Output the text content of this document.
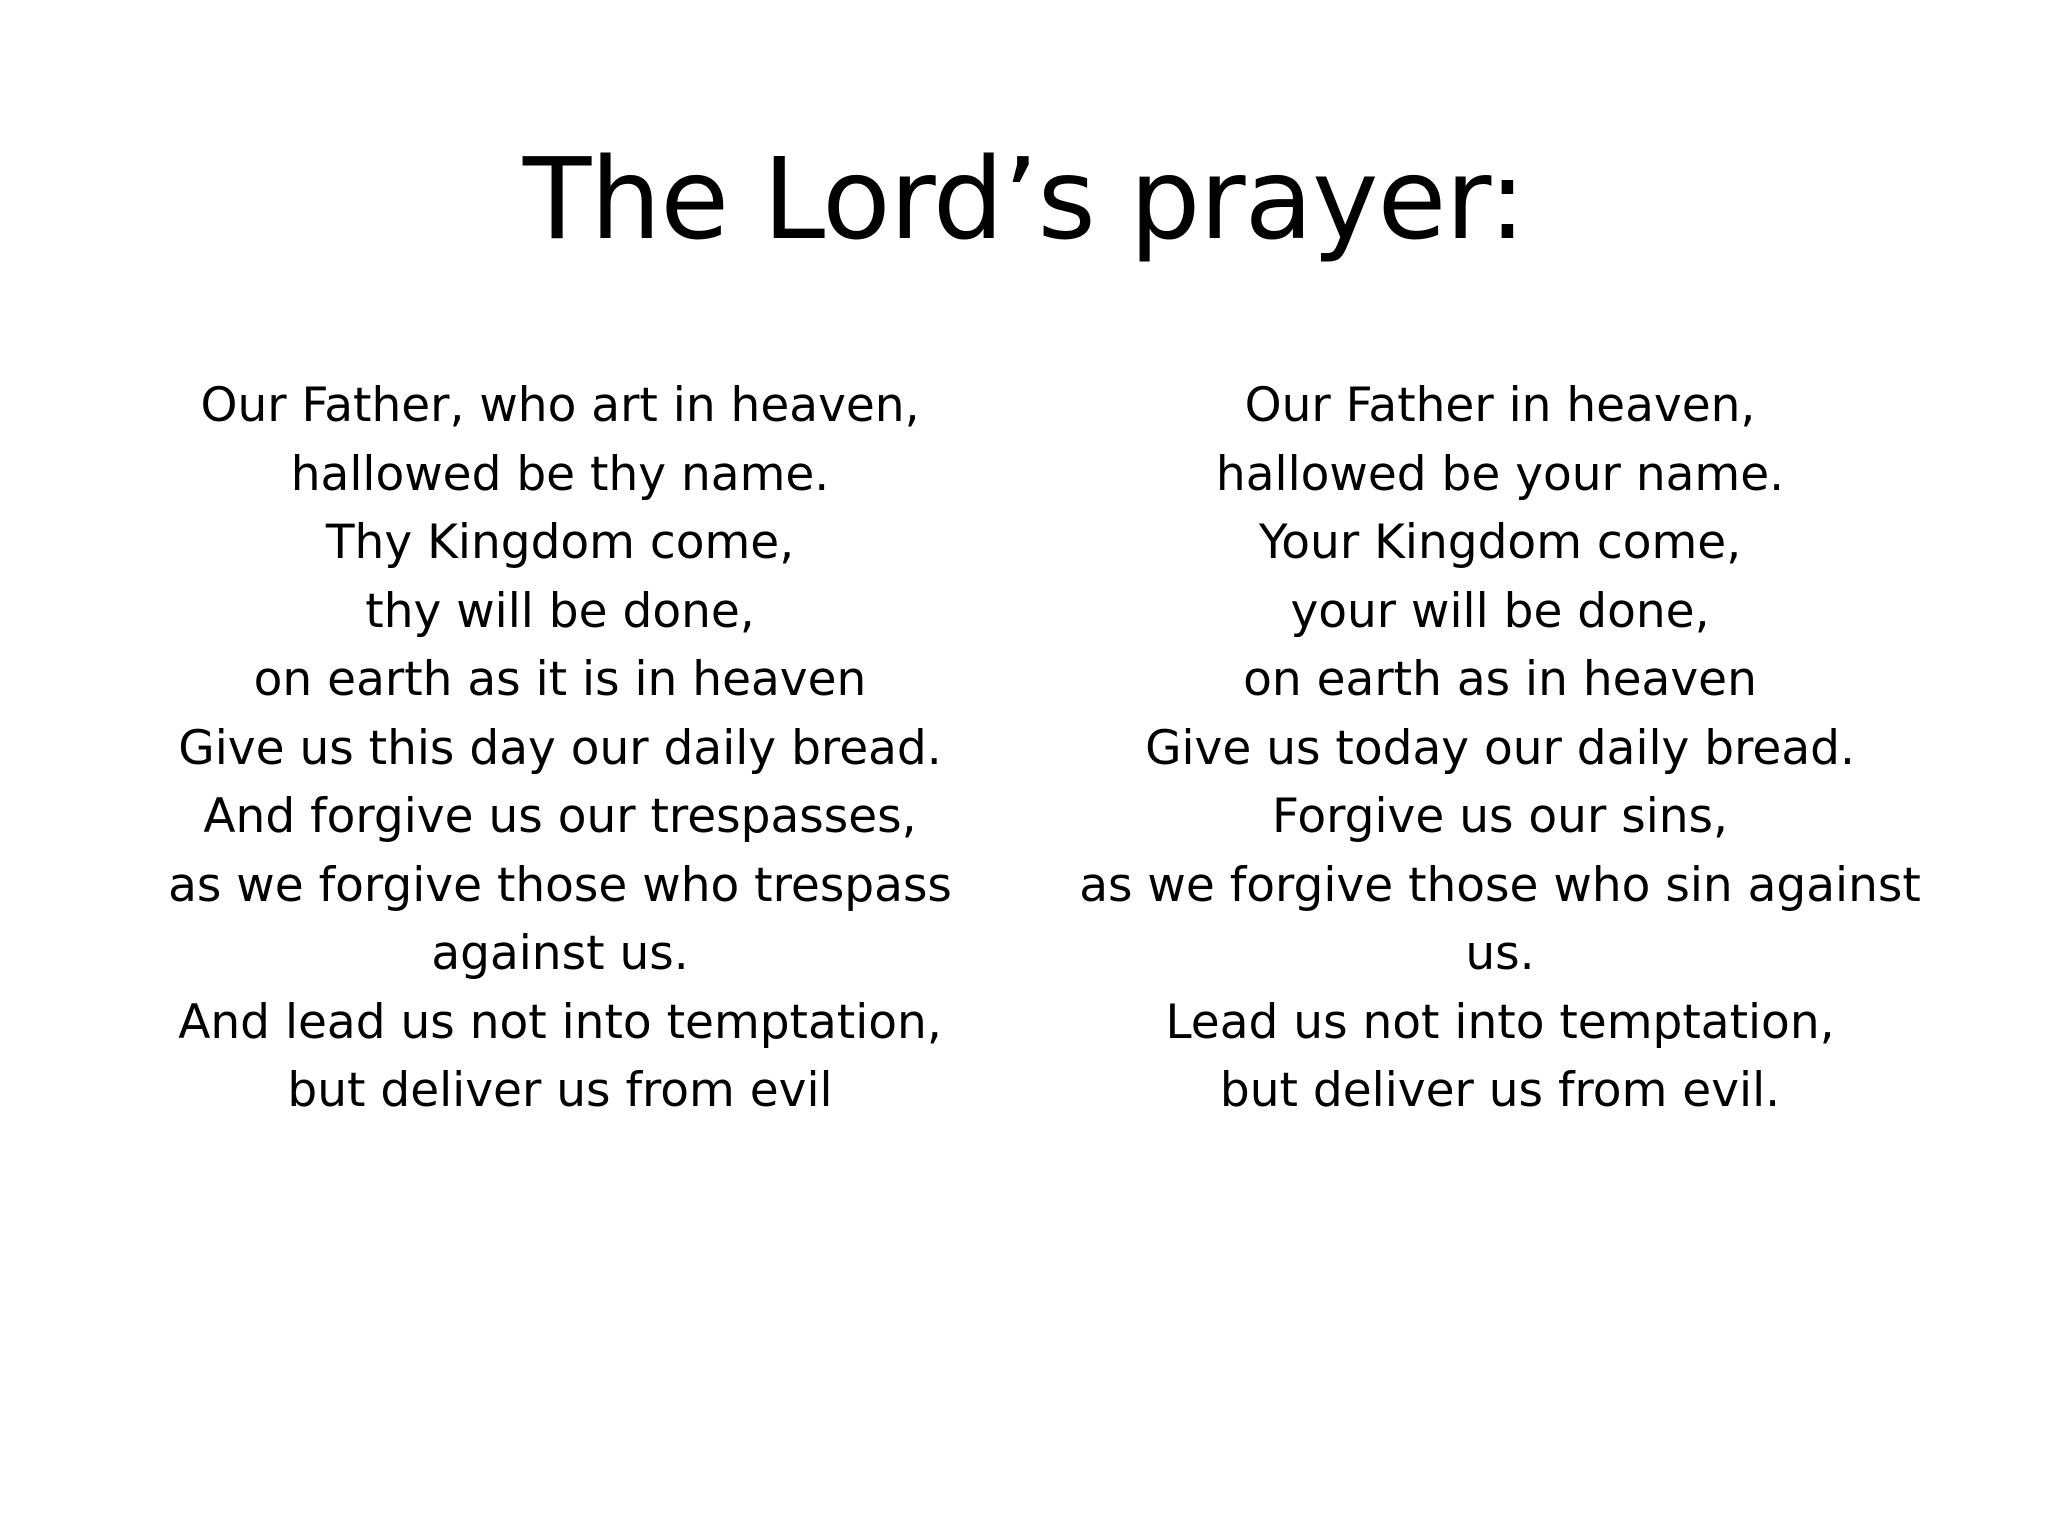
The Lord’s prayer:
Our Father, who art in heaven,
hallowed be thy name.
Thy Kingdom come,
thy will be done,
on earth as it is in heaven
Give us this day our daily bread.
And forgive us our trespasses,
as we forgive those who trespass
against us.
And lead us not into temptation,
but deliver us from evil
Our Father in heaven,
hallowed be your name.
Your Kingdom come,
your will be done,
on earth as in heaven
Give us today our daily bread.
Forgive us our sins,
as we forgive those who sin against
us.
Lead us not into temptation,
but deliver us from evil.
